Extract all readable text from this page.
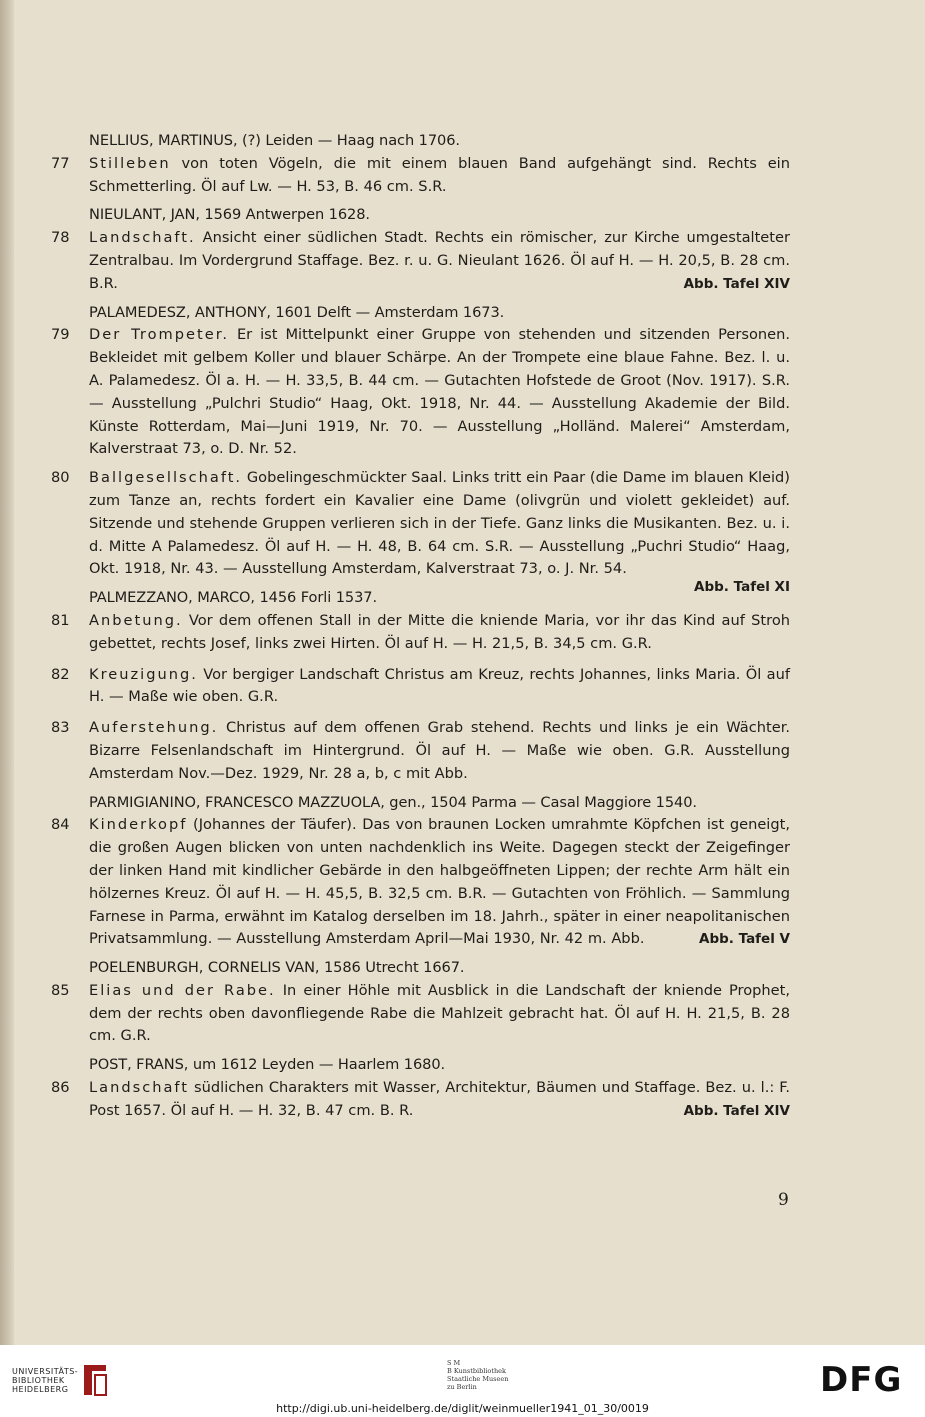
NELLIUS, MARTINUS, (?) Leiden — Haag nach 1706.
77 Stilleben von toten Vögeln, die mit einem blauen Band aufgehängt sind. Rechts ein Schmetterling. Öl auf Lw. — H. 53, B. 46 cm. S.R.
NIEULANT, JAN, 1569 Antwerpen 1628.
78 Landschaft. Ansicht einer südlichen Stadt. Rechts ein römischer, zur Kirche umgestalteter Zentralbau. Im Vordergrund Staffage. Bez. r. u. G. Nieulant 1626. Öl auf H. — H. 20,5, B. 28 cm. B.R.	Abb. Tafel XIV
PALAMEDESZ, ANTHONY, 1601 Delft — Amsterdam 1673.
79 Der Trompeter. Er ist Mittelpunkt einer Gruppe von stehenden und sitzenden Personen. Bekleidet mit gelbem Koller und blauer Schärpe. An der Trompete eine blaue Fahne. Bez. l. u. A. Palamedesz. Öl a. H. — H. 33,5, B. 44 cm. — Gutachten Hofstede de Groot (Nov. 1917). S.R. — Ausstellung „Pulchri Studio“ Haag, Okt. 1918, Nr. 44. — Ausstellung Akademie der Bild. Künste Rotterdam, Mai—Juni 1919, Nr. 70. — Ausstellung „Holländ. Malerei“ Amsterdam, Kalverstraat 73, o. D. Nr. 52.
80 Ballgesellschaft. Gobelingeschmückter Saal. Links tritt ein Paar (die Dame im blauen Kleid) zum Tanze an, rechts fordert ein Kavalier eine Dame (olivgrün und violett gekleidet) auf. Sitzende und stehende Gruppen verlieren sich in der Tiefe. Ganz links die Musikanten. Bez. u. i. d. Mitte A Palamedesz. Öl auf H. — H. 48, B. 64 cm. S.R. — Ausstellung „Puchri Studio“ Haag, Okt. 1918, Nr. 43. — Ausstellung Amsterdam, Kalverstraat 73, o. J. Nr. 54.
Abb. Tafel XI
PALMEZZANO, MARCO, 1456 Forli 1537.
81 Anbetung. Vor dem offenen Stall in der Mitte die kniende Maria, vor ihr das Kind auf Stroh gebettet, rechts Josef, links zwei Hirten. Öl auf H. — H. 21,5, B. 34,5 cm. G.R.
82 Kreuzigung. Vor bergiger Landschaft Christus am Kreuz, rechts Johannes, links Maria. Öl auf H. — Maße wie oben. G.R.
83 Auferstehung. Christus auf dem offenen Grab stehend. Rechts und links je ein Wächter. Bizarre Felsenlandschaft im Hintergrund. Öl auf H. — Maße wie oben. G.R. Ausstellung Amsterdam Nov.—Dez. 1929, Nr. 28 a, b, c mit Abb.
PARMIGIANINO, FRANCESCO MAZZUOLA, gen., 1504 Parma — Casal Maggiore 1540.
84 Kinderkopf (Johannes der Täufer). Das von braunen Locken umrahmte Köpfchen ist geneigt, die großen Augen blicken von unten nachdenklich ins Weite. Dagegen steckt der Zeigefinger der linken Hand mit kindlicher Gebärde in den halbgeöffneten Lippen; der rechte Arm hält ein hölzernes Kreuz. Öl auf H. — H. 45,5, B. 32,5 cm. B.R. — Gutachten von Fröhlich. — Sammlung Farnese in Parma, erwähnt im Katalog derselben im 18. Jahrh., später in einer neapolitanischen Privatsammlung. — Ausstellung Amsterdam April—Mai 1930, Nr. 42 m. Abb.	Abb. Tafel V
POELENBURGH, CORNELIS VAN, 1586 Utrecht 1667.
85 Elias und der Rabe. In einer Höhle mit Ausblick in die Landschaft der kniende Prophet, dem der rechts oben davonfliegende Rabe die Mahlzeit gebracht hat. Öl auf H. H. 21,5, B. 28 cm. G.R.
POST, FRANS, um 1612 Leyden — Haarlem 1680.
86 Landschaft südlichen Charakters mit Wasser, Architektur, Bäumen und Staffage. Bez. u. l.: F. Post 1657. Öl auf H. — H. 32, B. 47 cm. B. R.	Abb. Tafel XIV
9
UNIVERSITÄTS-
BIBLIOTHEK
HEIDELBERG
S M
B Kunstbibliothek
Staatliche Museen
zu Berlin	DFG
http://digi.ub.uni-heidelberg.de/diglit/weinmueller1941_01_30/0019
